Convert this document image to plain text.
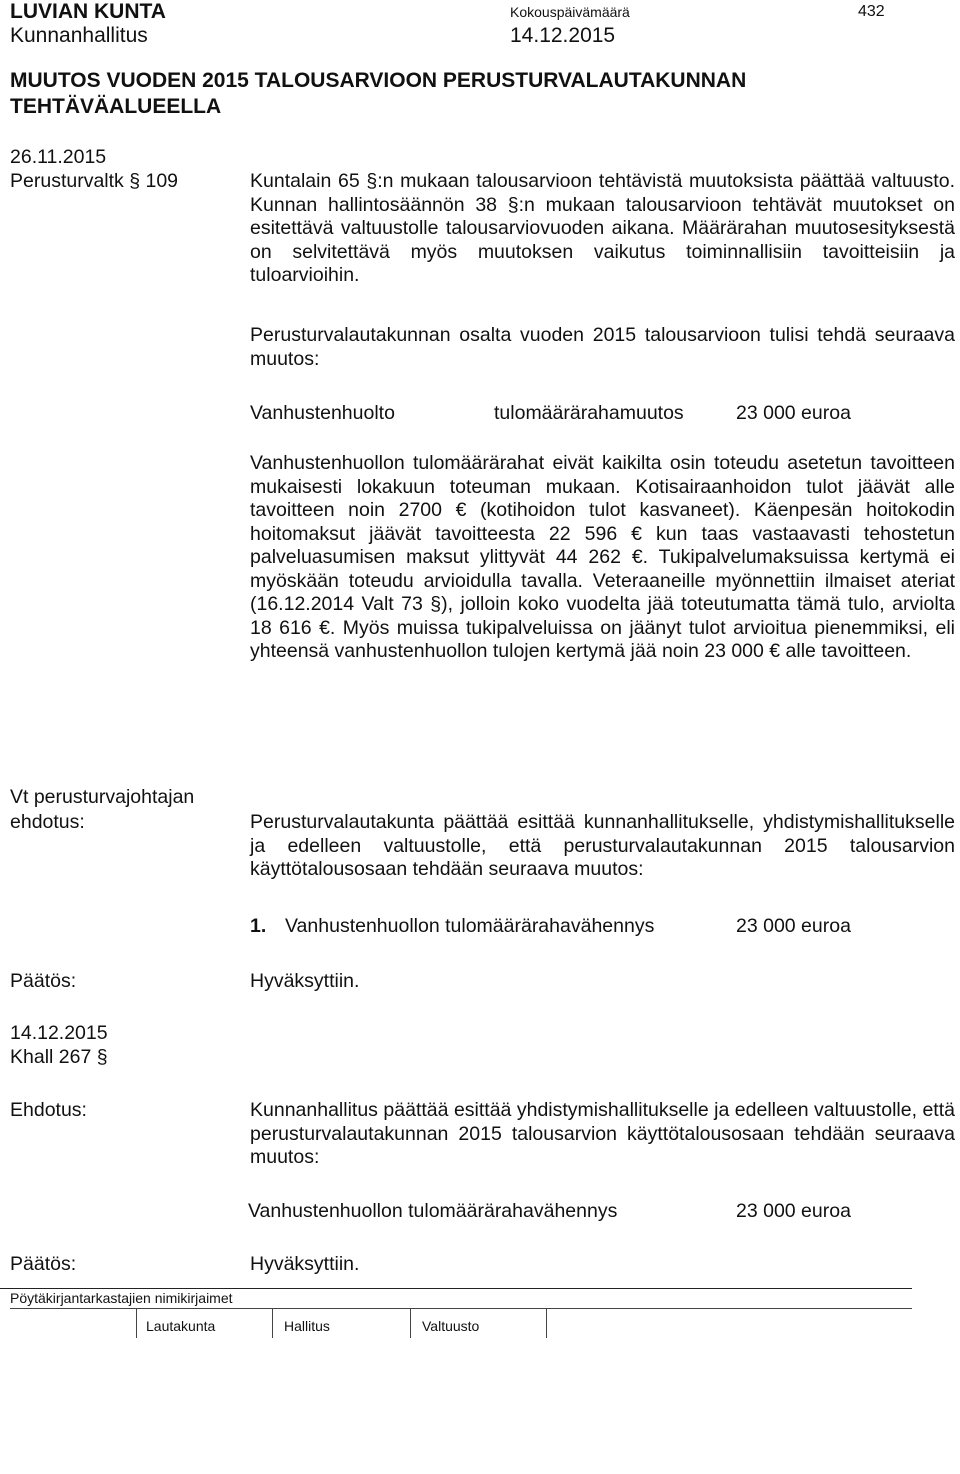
LUVIAN KUNTA
Kunnanhallitus
Kokouspäivämäärä
14.12.2015
432
MUUTOS VUODEN 2015 TALOUSARVIOON PERUSTURVALAUTAKUNNAN TEHTÄVÄALUEELLA
26.11.2015
Perusturvaltk § 109	Kuntalain 65 §:n mukaan talousarvioon tehtävistä muutoksista päättää valtuusto. Kunnan hallintosäännön 38 §:n mukaan talousarvioon tehtävät muutokset on esitettävä valtuustolle talousarviovuoden aikana. Määrärahan muutosesityksestä on selvitettävä myös muutoksen vaikutus toiminnallisiin tavoitteisiin ja tuloarvioihin.

Perusturvalautakunnan osalta vuoden 2015 talousarvioon tulisi tehdä seuraava muutos:

Vanhustenhuolto	tulomäärärahamuutos	23 000 euroa

Vanhustenhuollon tulomäärärahat eivät kaikilta osin toteudu asetetun tavoitteen mukaisesti lokakuun toteuman mukaan. Kotisairaanhoidon tulot jäävät alle tavoitteen noin 2700 € (kotihoidon tulot kasvaneet). Käenpesän hoitokodin hoitomaksut jäävät tavoitteesta 22 596 € kun taas vastaavasti tehostetun palveluasumisen maksut ylittyvät 44 262 €. Tukipalvelumaksuissa kertymä ei myöskään toteudu arvioidulla tavalla. Veteraaneille myönnettiin ilmaiset ateriat (16.12.2014 Valt 73 §), jolloin koko vuodelta jää toteutumatta tämä tulo, arviolta 18 616 €. Myös muissa tukipalveluissa on jäänyt tulot arvioitua pienemmiksi, eli yhteensä vanhustenhuollon tulojen kertymä jää noin 23 000 € alle tavoitteen.

Vt perusturvajohtajan
ehdotus:	Perusturvalautakunta päättää esittää kunnanhallitukselle, yhdistymishallitukselle ja edelleen valtuustolle, että perusturvalautakunnan 2015 talousarvion käyttötalousosaan tehdään seuraava muutos:

1. Vanhustenhuollon tulomäärärahavähennys	23 000 euroa
Päätös:	Hyväksyttiin.
14.12.2015
Khall 267 §
Ehdotus:	Kunnanhallitus päättää esittää yhdistymishallitukselle ja edelleen valtuustolle, että perusturvalautakunnan 2015 talousarvion käyttötalousosaan tehdään seuraava muutos:

Vanhustenhuollon tulomäärärahavähennys	23 000 euroa
Päätös:	Hyväksyttiin.
Pöytäkirjantarkastajien nimikirjaimet
Lautakunta	Hallitus	Valtuusto
